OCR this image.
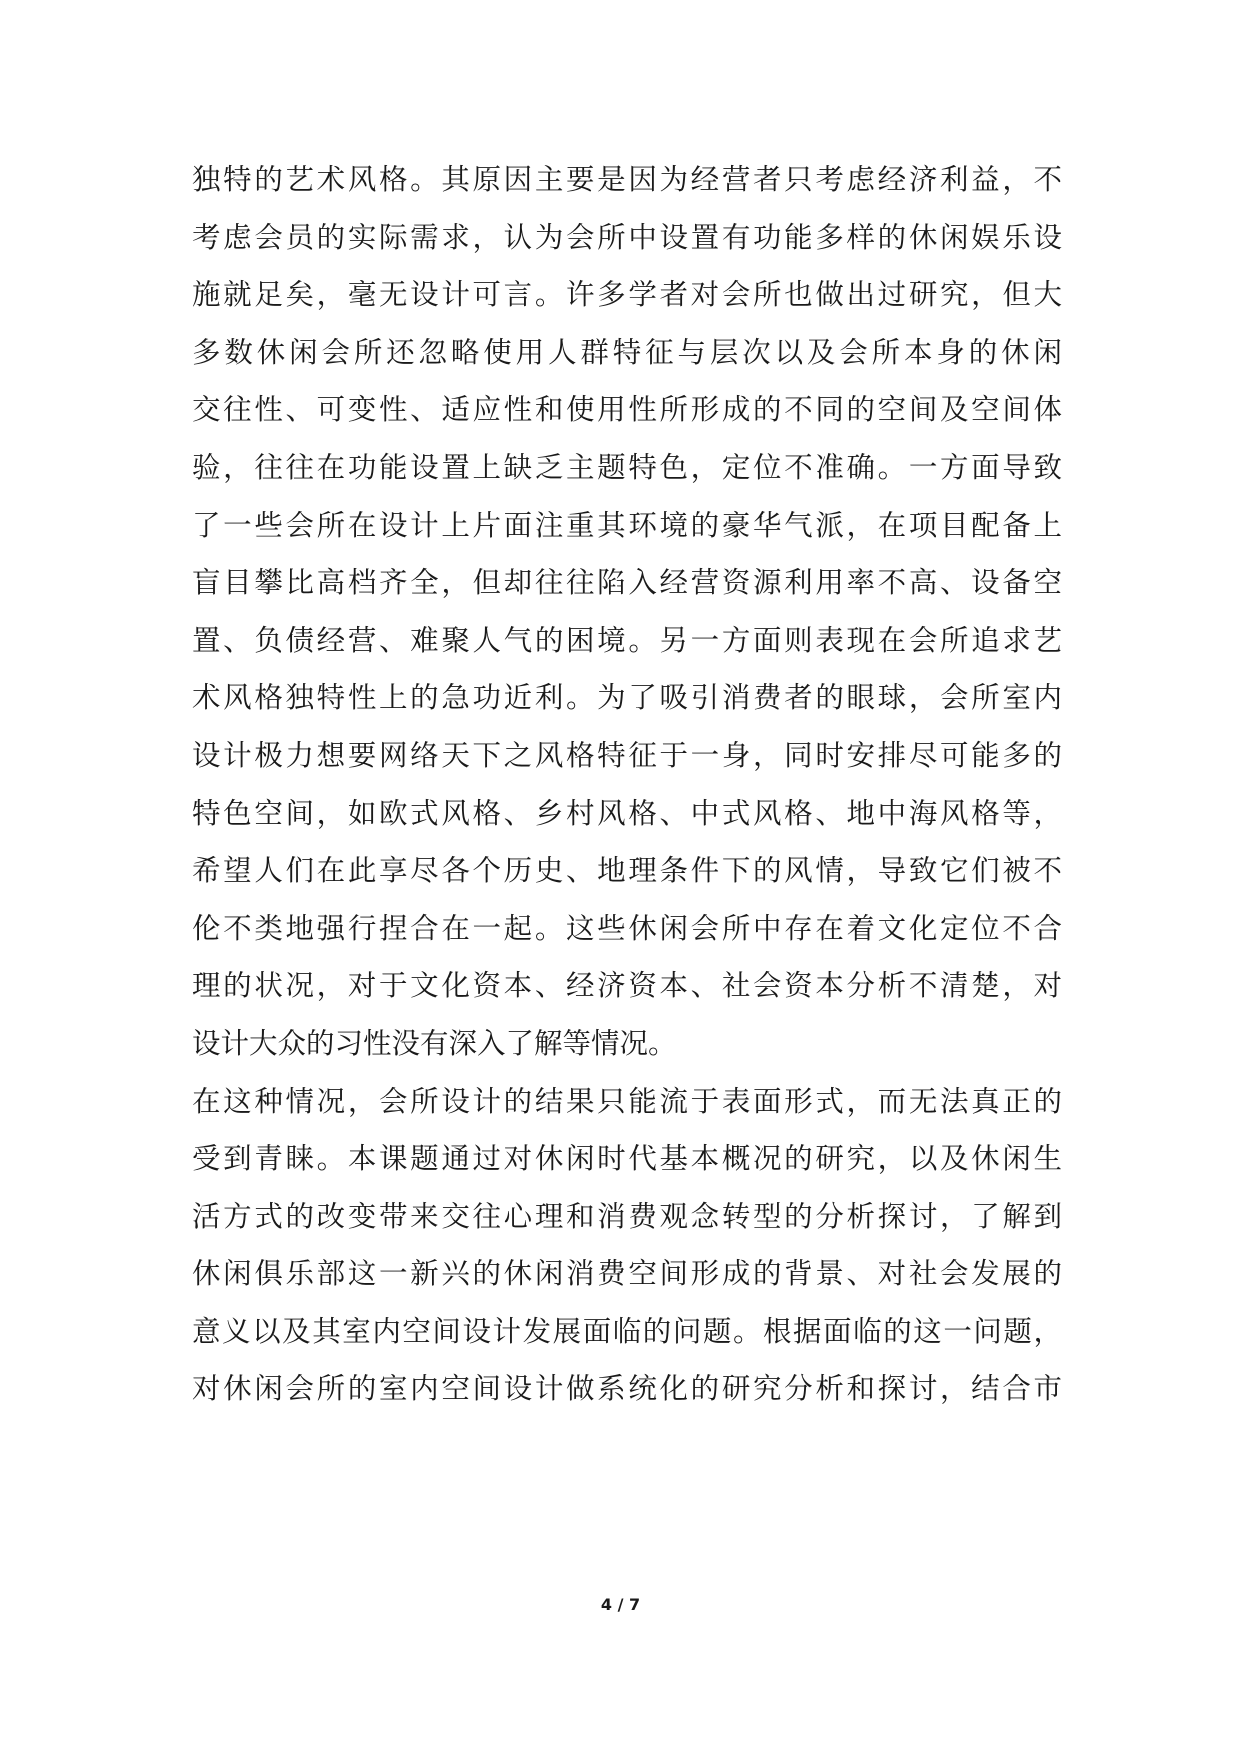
独特的艺术风格。其原因主要是因为经营者只考虑经济利益，不
考虑会员的实际需求，认为会所中设置有功能多样的休闲娱乐设
施就足矣，毫无设计可言。许多学者对会所也做出过研究，但大
多数休闲会所还忽略使用人群特征与层次以及会所本身的休闲
交往性、可变性、适应性和使用性所形成的不同的空间及空间体
验，往往在功能设置上缺乏主题特色，定位不准确。一方面导致
了一些会所在设计上片面注重其环境的豪华气派，在项目配备上
盲目攀比高档齐全，但却往往陷入经营资源利用率不高、设备空
置、负债经营、难聚人气的困境。另一方面则表现在会所追求艺
术风格独特性上的急功近利。为了吸引消费者的眼球，会所室内
设计极力想要网络天下之风格特征于一身，同时安排尽可能多的
特色空间，如欧式风格、乡村风格、中式风格、地中海风格等，
希望人们在此享尽各个历史、地理条件下的风情，导致它们被不
伦不类地强行捏合在一起。这些休闲会所中存在着文化定位不合
理的状况，对于文化资本、经济资本、社会资本分析不清楚，对
设计大众的习性没有深入了解等情况。
在这种情况，会所设计的结果只能流于表面形式，而无法真正的
受到青睐。本课题通过对休闲时代基本概况的研究，以及休闲生
活方式的改变带来交往心理和消费观念转型的分析探讨，了解到
休闲俱乐部这一新兴的休闲消费空间形成的背景、对社会发展的
意义以及其室内空间设计发展面临的问题。根据面临的这一问题，
对休闲会所的室内空间设计做系统化的研究分析和探讨，结合市
4 / 7
